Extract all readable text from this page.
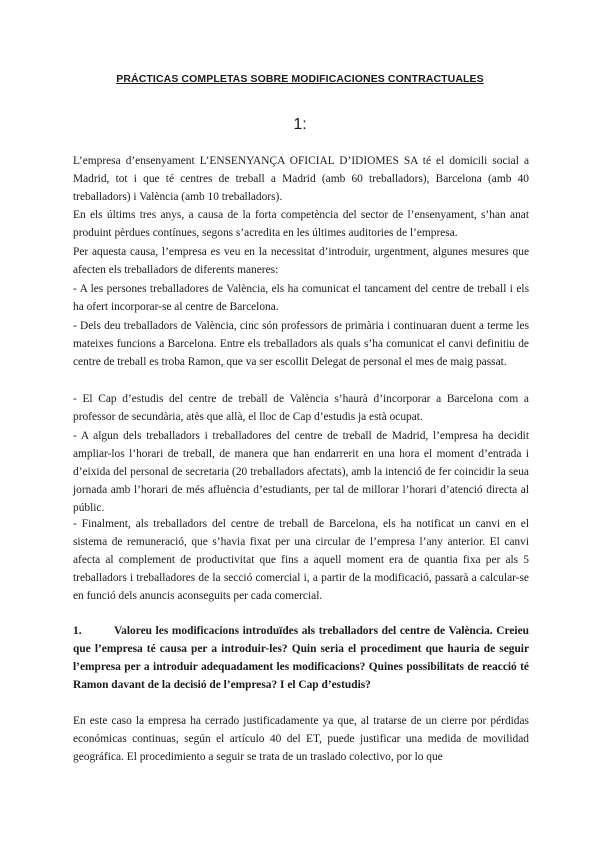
PRÁCTICAS COMPLETAS SOBRE MODIFICACIONES CONTRACTUALES
1:

L’empresa d’ensenyament L’ENSENYANÇA OFICIAL D’IDIOMES SA té el domicili social a Madrid, tot i que té centres de treball a Madrid (amb 60 treballadors), Barcelona (amb 40 treballadors) i València (amb 10 treballadors).

En els últims tres anys, a causa de la forta competència del sector de l’ensenyament, s’han anat produint pèrdues contínues, segons s’acredita en les últimes auditories de l’empresa.

Per aquesta causa, l’empresa es veu en la necessitat d’introduir, urgentment, algunes mesures que afecten els treballadors de diferents maneres:

- A les persones treballadores de València, els ha comunicat el tancament del centre de treball i els ha ofert incorporar-se al centre de Barcelona.

- Dels deu treballadors de València, cinc són professors de primària i continuaran duent a terme les mateixes funcions a Barcelona. Entre els treballadors als quals s’ha comunicat el canvi definitiu de centre de treball es troba Ramon, que va ser escollit Delegat de personal el mes de maig passat.

- El Cap d’estudis del centre de treball de València s’haurà d’incorporar a Barcelona com a professor de secundària, atès que allà, el lloc de Cap d’estudis ja està ocupat.

- A algun dels treballadors i treballadores del centre de treball de Madrid, l’empresa ha decidit ampliar-los l’horari de treball, de manera que han endarrerit en una hora el moment d’entrada i d’eixida del personal de secretaria (20 treballadors afectats), amb la intenció de fer coincidir la seua jornada amb l’horari de més afluència d’estudiants, per tal de millorar l’horari d’atenció directa al públic.

- Finalment, als treballadors del centre de treball de Barcelona, els ha notificat un canvi en el sistema de remuneració, que s’havia fixat per una circular de l’empresa l’any anterior. El canvi afecta al complement de productivitat que fins a aquell moment era de quantia fixa per als 5 treballadors i treballadores de la secció comercial i, a partir de la modificació, passarà a calcular-se en funció dels anuncis aconseguits per cada comercial.

1.	Valoreu les modificacions introduïdes als treballadors del centre de València. Creieu que l’empresa té causa per a introduir-les? Quin seria el procediment que hauria de seguir l’empresa per a introduir adequadament les modificacions? Quines possibilitats de reacció té Ramon davant de la decisió de l’empresa? I el Cap d’estudis?

En este caso la empresa ha cerrado justificadamente ya que, al tratarse de un cierre por pérdidas económicas continuas, según el artículo 40 del ET, puede justificar una medida de movilidad geográfica. El procedimiento a seguir se trata de un traslado colectivo, por lo que
